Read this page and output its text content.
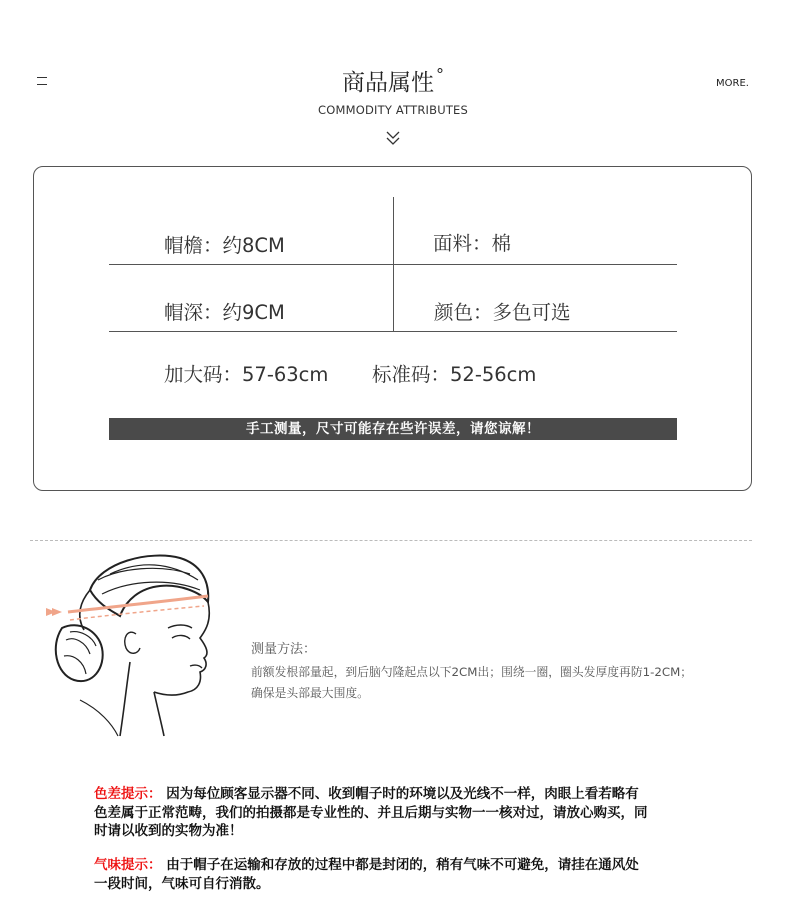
商品属性 °
COMMODITY ATTRIBUTES
MORE.
帽檐：约8CM	面料：棉
帽深：约9CM	颜色：多色可选
加大码：57-63cm 标准码：52-56cm
手工测量，尺寸可能存在些许误差，请您谅解！
测量方法：
前额发根部量起，到后脑勺隆起点以下2CM出；围绕一圈，圈头发厚度再防1-2CM；
确保是头部最大围度。
色差提示： 因为每位顾客显示器不同、收到帽子时的环境以及光线不一样，肉眼上看若略有
色差属于正常范畴，我们的拍摄都是专业性的、并且后期与实物一一核对过，请放心购买，同
时请以收到的实物为准！
气味提示： 由于帽子在运输和存放的过程中都是封闭的，稍有气味不可避免，请挂在通风处
一段时间，气味可自行消散。
